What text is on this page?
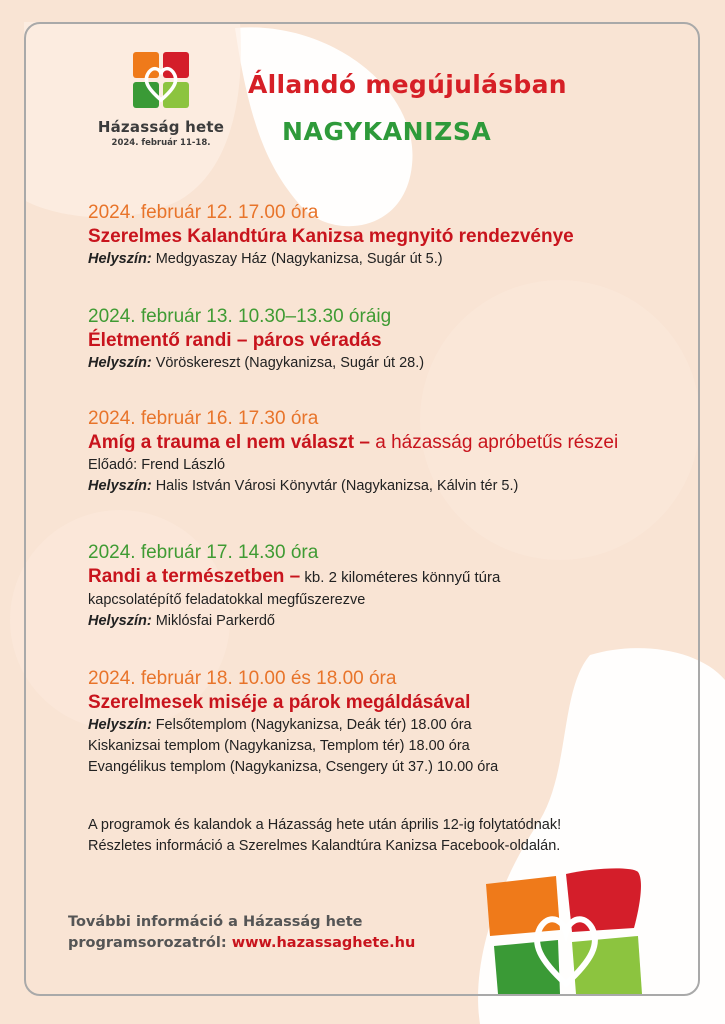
Házasság hete
2024. február 11-18.
Állandó megújulásban
NAGYKANIZSA
2024. február 12. 17.00 óra
Szerelmes Kalandtúra Kanizsa megnyitó rendezvénye
Helyszín: Medgyaszay Ház (Nagykanizsa, Sugár út 5.)
2024. február 13. 10.30–13.30 óráig
Életmentő randi – páros véradás
Helyszín: Vöröskereszt (Nagykanizsa, Sugár út 28.)
2024. február 16. 17.30 óra
Amíg a trauma el nem választ – a házasság apróbetűs részei
Előadó: Frend László
Helyszín: Halis István Városi Könyvtár (Nagykanizsa, Kálvin tér 5.)
2024. február 17. 14.30 óra
Randi a természetben – kb. 2 kilométeres könnyű túra
kapcsolatépítő feladatokkal megfűszerezve
Helyszín: Miklósfai Parkerdő
2024. február 18. 10.00 és 18.00 óra
Szerelmesek miséje a párok megáldásával
Helyszín: Felsőtemplom (Nagykanizsa, Deák tér) 18.00 óra
Kiskanizsai templom (Nagykanizsa, Templom tér) 18.00 óra
Evangélikus templom (Nagykanizsa, Csengery út 37.) 10.00 óra
A programok és kalandok a Házasság hete után április 12-ig folytatódnak!
Részletes információ a Szerelmes Kalandtúra Kanizsa Facebook-oldalán.
További információ a Házasság hete
programsorozatról: www.hazassaghete.hu
